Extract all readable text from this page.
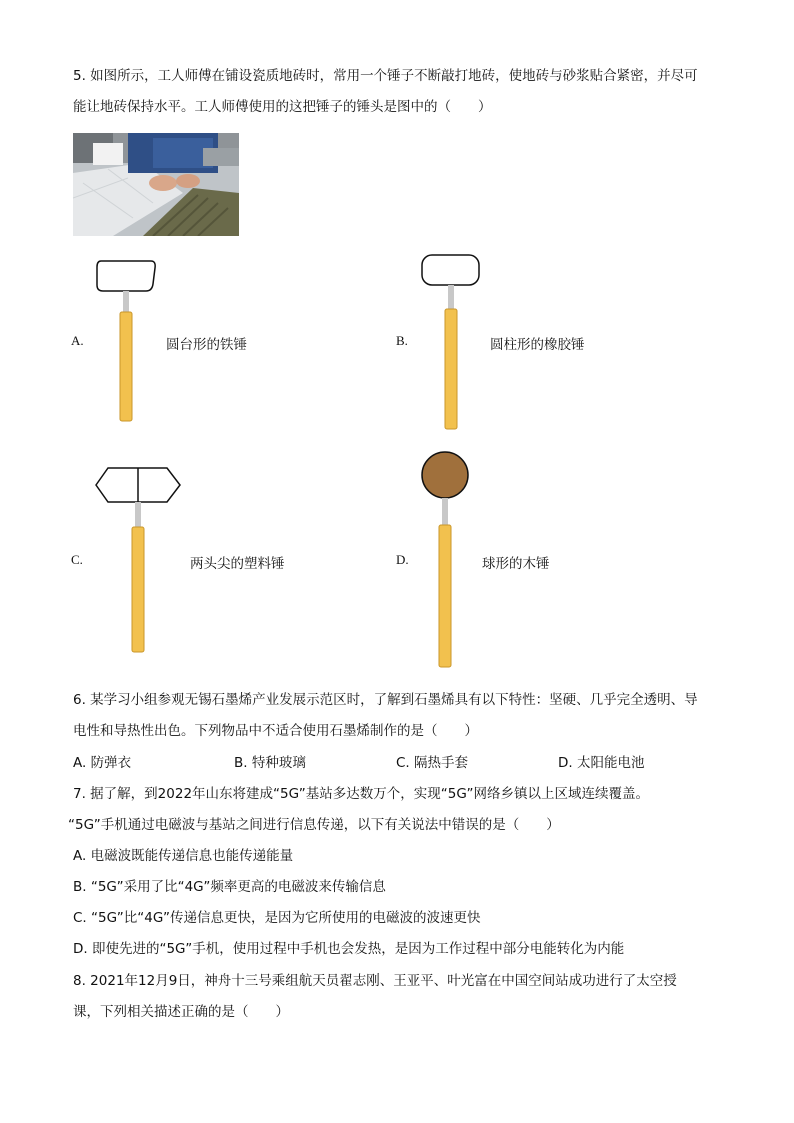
5. 如图所示，工人师傅在铺设瓷质地砖时，常用一个锤子不断敲打地砖，使地砖与砂浆贴合紧密，并尽可
能让地砖保持水平。工人师傅使用的这把锤子的锤头是图中的（　　）
A.	圆台形的铁锤	B.	圆柱形的橡胶锤
C.	两头尖的塑料锤	D.	球形的木锤
6. 某学习小组参观无锡石墨烯产业发展示范区时，了解到石墨烯具有以下特性：坚硬、几乎完全透明、导
电性和导热性出色。下列物品中不适合使用石墨烯制作的是（　　）
A. 防弹衣	B. 特种玻璃	C. 隔热手套	D. 太阳能电池
7. 据了解，到2022年山东将建成“5G”基站多达数万个，实现“5G”网络乡镇以上区域连续覆盖。
“5G”手机通过电磁波与基站之间进行信息传递，以下有关说法中错误的是（　　）
A. 电磁波既能传递信息也能传递能量
B. “5G”采用了比“4G”频率更高的电磁波来传输信息
C. “5G”比“4G”传递信息更快，是因为它所使用的电磁波的波速更快
D. 即使先进的“5G”手机，使用过程中手机也会发热，是因为工作过程中部分电能转化为内能
8. 2021年12月9日，神舟十三号乘组航天员翟志刚、王亚平、叶光富在中国空间站成功进行了太空授
课，下列相关描述正确的是（　　）
